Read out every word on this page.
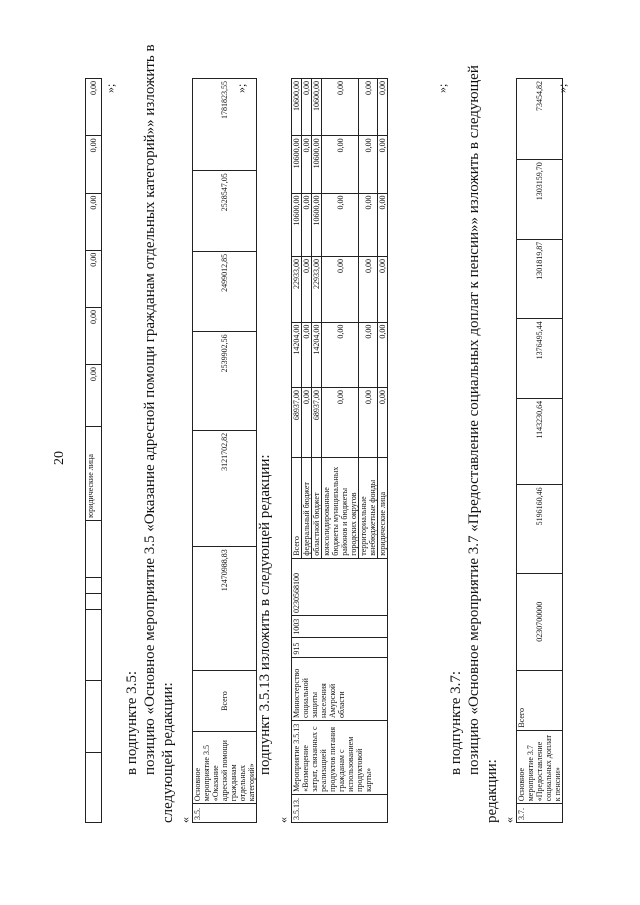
20
						юридические лица	0,00	0,00	0,00	0,00	0,00	0,00 »;
в подпункте 3.5: позицию «Основное мероприятие 3.5 «Оказание адресной помощи гражданам отдельных категорий»» изложить в следующей редакции: « 3.5.	Основное мероприятие 3.5 «Оказание адресной помощи гражданам отдельных категорий»	Всего	12470988,83	3121702,82	2539902,56	2499012,85	2528547,05	1781823,55 »;
подпункт 3.5.13 изложить в следующей редакции:
« 3.5.13.	Мероприятие 3.5.13 «Возмещение затрат, связанных с реализацией продуктов питания гражданам с использованием продуктовой карты»	Министерство социальной защиты населения Амурской области	915	1003	0230568100	Всего	68937,00	14204,00	22933,00	10600,00	10600,00	10600,00
						федеральный бюджет	0,00	0,00	0,00	0,00	0,00	0,00
						областной бюджет	68937,00	14204,00	22933,00	10600,00	10600,00	10600,00
						консолидированные бюджеты муниципальных районов и бюджеты городских округов	0,00	0,00	0,00	0,00	0,00	0,00
						территориальные внебюджетные фонды	0,00	0,00	0,00	0,00	0,00	0,00
						юридические лица	0,00	0,00	0,00	0,00	0,00	0,00	»;
в подпункте 3.7: позицию «Основное мероприятие 3.7 «Предоставление социальных доплат к пенсии»» изложить в следующей
редакции: « 3.7.	Основное мероприятие 3.7 «Предоставление социальных доплат к пенсии»	Всего	0230700000	5196160,46	1143230,64	1376495,44	1301819,87	1303159,70	73454,82 »;
